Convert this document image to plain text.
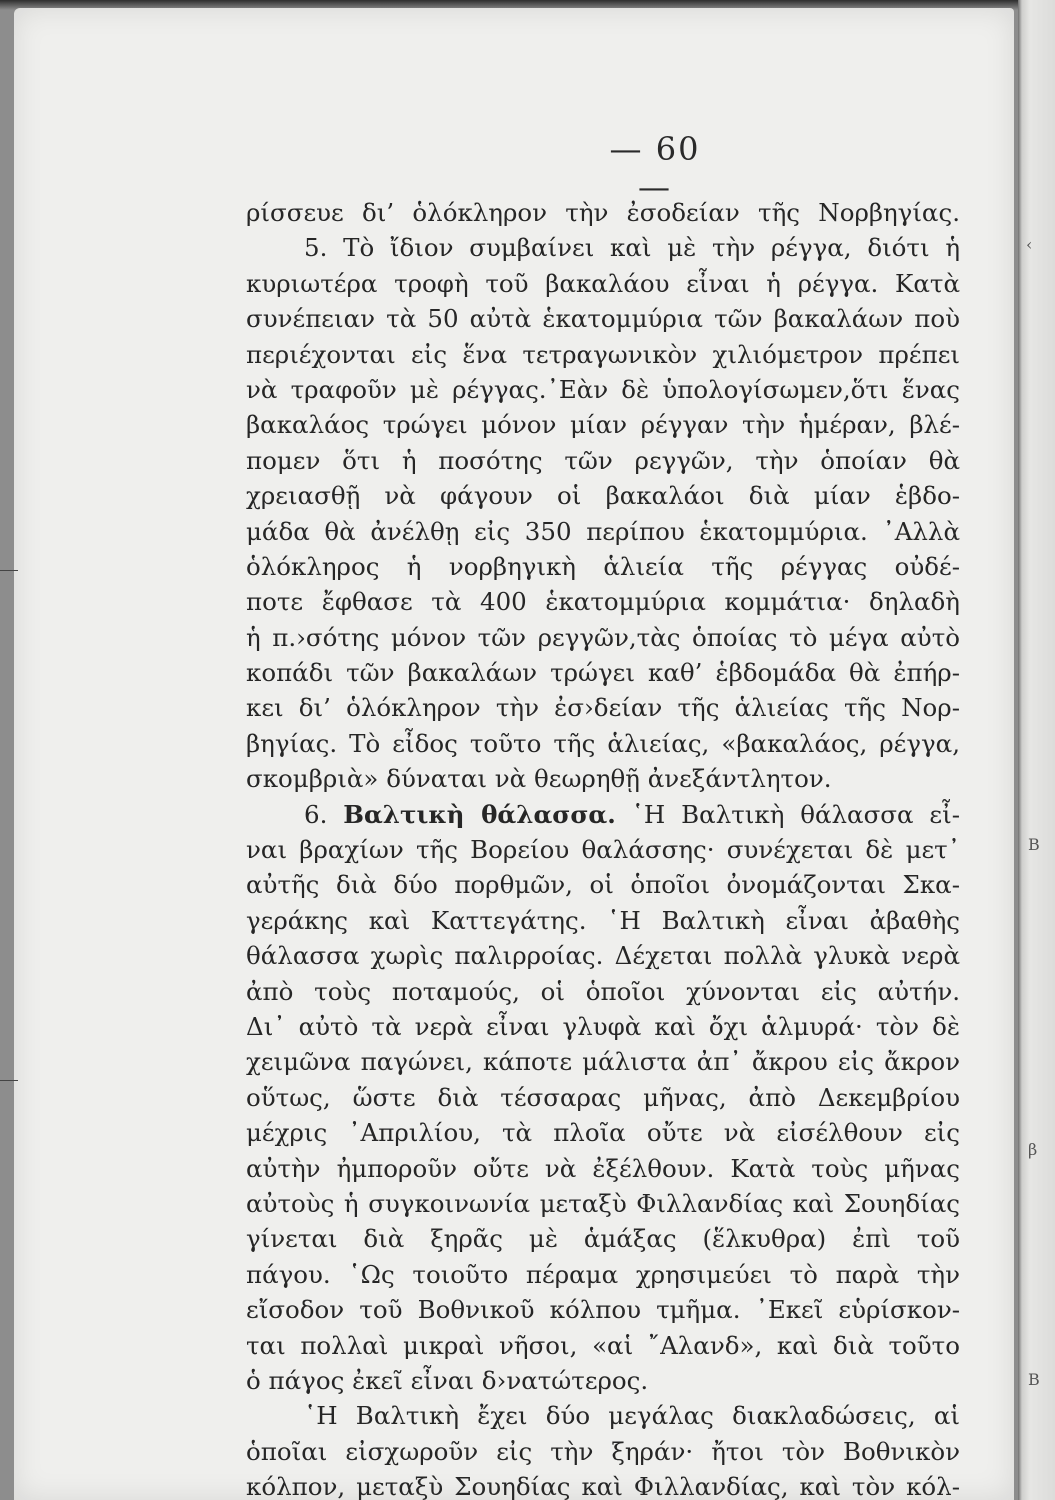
‹
B
β
B
— 60 —
ρίσσευε δι’ ὁλόκληρον τὴν ἐσοδείαν τῆς Νορβηγίας.
5. Τὸ ἴδιον συμβαίνει καὶ μὲ τὴν ρέγγα, διότι ἡ
κυριωτέρα τροφὴ τοῦ βακαλάου εἶναι ἡ ρέγγα. Κατὰ
συνέπειαν τὰ 50 αὐτὰ ἑκατομμύρια τῶν βακαλάων ποὺ
περιέχονται εἰς ἕνα τετραγωνικὸν χιλιόμετρον πρέπει
νὰ τραφοῦν μὲ ρέγγας.᾽Εὰν δὲ ὑπολογίσωμεν,ὅτι ἕνας
βακαλάος τρώγει μόνον μίαν ρέγγαν τὴν ἡμέραν, βλέ-
πομεν ὅτι ἡ ποσότης τῶν ρεγγῶν, τὴν ὁποίαν θὰ
χρειασθῇ νὰ φάγουν οἱ βακαλάοι διὰ μίαν ἑβδο-
μάδα θὰ ἀνέλθῃ εἰς 350 περίπου ἑκατομμύρια. ᾽Αλλὰ
ὁλόκληρος ἡ νορβηγικὴ ἁλιεία τῆς ρέγγας οὐδέ-
ποτε ἔφθασε τὰ 400 ἑκατομμύρια κομμάτια· δηλαδὴ
ἡ π.›σότης μόνον τῶν ρεγγῶν,τὰς ὁποίας τὸ μέγα αὐτὸ
κοπάδι τῶν βακαλάων τρώγει καθ’ ἑβδομάδα θὰ ἐπήρ-
κει δι’ ὁλόκληρον τὴν ἐσ›δείαν τῆς ἁλιείας τῆς Νορ-
βηγίας. Τὸ εἶδος τοῦτο τῆς ἁλιείας, «βακαλάος, ρέγγα,
σκομβριὰ» δύναται νὰ θεωρηθῇ ἀνεξάντλητον.
6. Βαλτικὴ θάλασσα. ῾Η Βαλτικὴ θάλασσα εἶ-
ναι βραχίων τῆς Βορείου θαλάσσης· συνέχεται δὲ μετ᾽
αὐτῆς διὰ δύο πορθμῶν, οἱ ὁποῖοι ὀνομάζονται Σκα-
γεράκης καὶ Καττεγάτης. ῾Η Βαλτικὴ εἶναι ἀβαθὴς
θάλασσα χωρὶς παλιρροίας. Δέχεται πολλὰ γλυκὰ νερὰ
ἀπὸ τοὺς ποταμούς, οἱ ὁποῖοι χύνονται εἰς αὐτήν.
Δι᾽ αὐτὸ τὰ νερὰ εἶναι γλυφὰ καὶ ὄχι ἁλμυρά· τὸν δὲ
χειμῶνα παγώνει, κάποτε μάλιστα ἀπ᾽ ἄκρου εἰς ἄκρον
οὕτως, ὥστε διὰ τέσσαρας μῆνας, ἀπὸ Δεκεμβρίου
μέχρις ᾽Απριλίου, τὰ πλοῖα οὔτε νὰ εἰσέλθουν εἰς
αὐτὴν ἠμποροῦν οὔτε νὰ ἐξέλθουν. Κατὰ τοὺς μῆνας
αὐτοὺς ἡ συγκοινωνία μεταξὺ Φιλλανδίας καὶ Σουηδίας
γίνεται διὰ ξηρᾶς μὲ ἁμάξας (ἕλκυθρα) ἐπὶ τοῦ
πάγου. ῾Ως τοιοῦτο πέραμα χρησιμεύει τὸ παρὰ τὴν
εἴσοδον τοῦ Βοθνικοῦ κόλπου τμῆμα. ᾽Εκεῖ εὑρίσκον-
ται πολλαὶ μικραὶ νῆσοι, «αἱ ῎Αλανδ», καὶ διὰ τοῦτο
ὁ πάγος ἐκεῖ εἶναι δ›νατώτερος.
῾Η Βαλτικὴ ἔχει δύο μεγάλας διακλαδώσεις, αἱ
ὁποῖαι εἰσχωροῦν εἰς τὴν ξηράν· ἤτοι τὸν Βοθνικὸν
κόλπον, μεταξὺ Σουηδίας καὶ Φιλλανδίας, καὶ τὸν κόλ-
